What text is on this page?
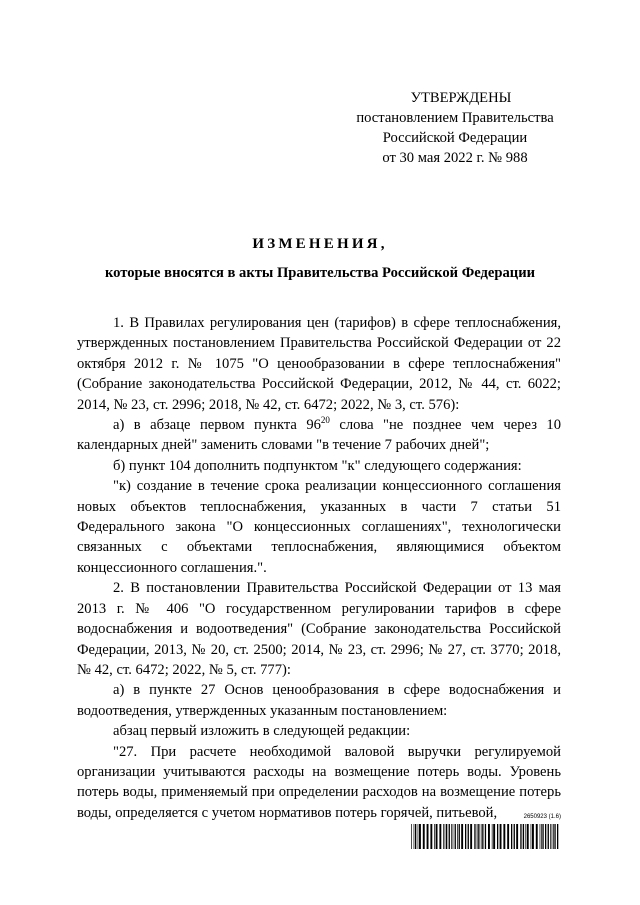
УТВЕРЖДЕНЫ
постановлением Правительства
Российской Федерации
от 30 мая 2022 г. № 988
ИЗМЕНЕНИЯ,
которые вносятся в акты Правительства Российской Федерации

1. В Правилах регулирования цен (тарифов) в сфере теплоснабжения, утвержденных постановлением Правительства Российской Федерации от 22 октября 2012 г. № 1075 "О ценообразовании в сфере теплоснабжения" (Собрание законодательства Российской Федерации, 2012, № 44, ст. 6022; 2014, № 23, ст. 2996; 2018, № 42, ст. 6472; 2022, № 3, ст. 576):

а) в абзаце первом пункта $96^{20}$ слова "не позднее чем через 10 календарных дней" заменить словами "в течение 7 рабочих дней";

б) пункт 104 дополнить подпунктом "к" следующего содержания:

"к) создание в течение срока реализации концессионного соглашения новых объектов теплоснабжения, указанных в части 7 статьи 51 Федерального закона "О концессионных соглашениях", технологически связанных с объектами теплоснабжения, являющимися объектом концессионного соглашения.".

2. В постановлении Правительства Российской Федерации от 13 мая 2013 г. № 406 "О государственном регулировании тарифов в сфере водоснабжения и водоотведения" (Собрание законодательства Российской Федерации, 2013, № 20, ст. 2500; 2014, № 23, ст. 2996; № 27, ст. 3770; 2018, № 42, ст. 6472; 2022, № 5, ст. 777):

а) в пункте 27 Основ ценообразования в сфере водоснабжения и водоотведения, утвержденных указанным постановлением:

абзац первый изложить в следующей редакции:

"27. При расчете необходимой валовой выручки регулируемой организации учитываются расходы на возмещение потерь воды. Уровень потерь воды, применяемый при определении расходов на возмещение потерь воды, определяется с учетом нормативов потерь горячей, питьевой,	2650923 (1.6)
